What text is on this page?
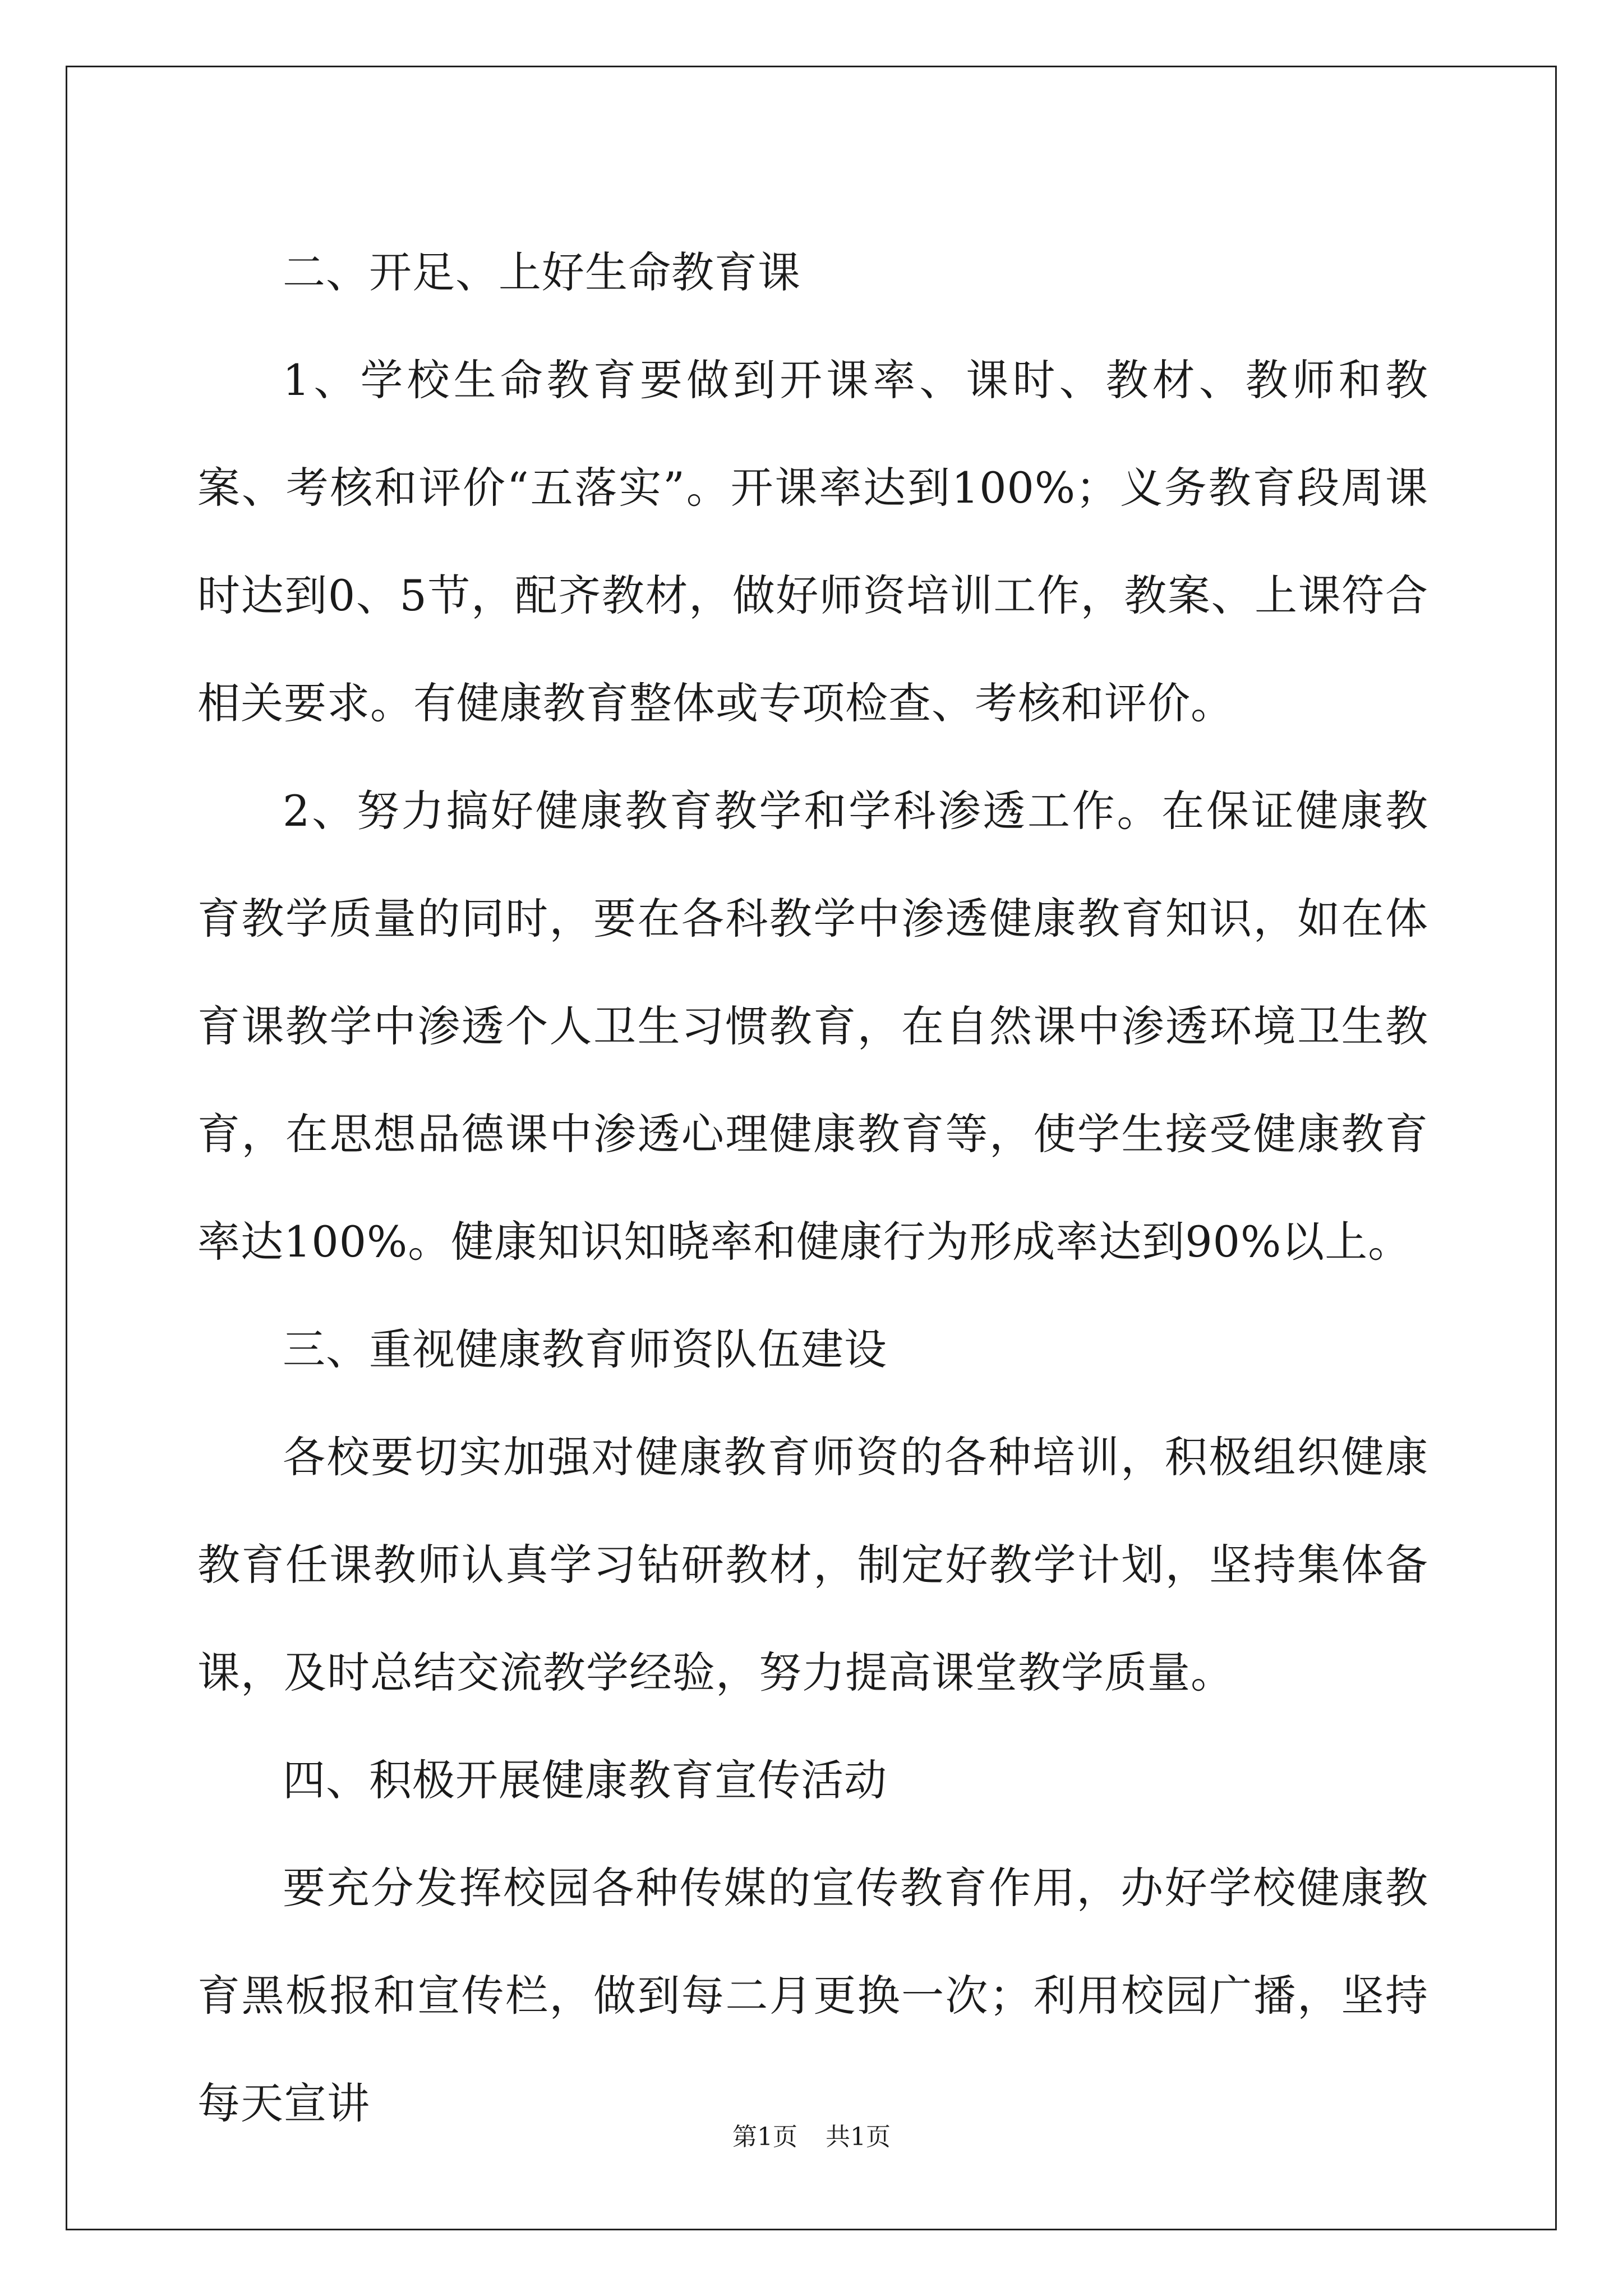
二、开足、上好生命教育课

1、学校生命教育要做到开课率、课时、教材、教师和教案、考核和评价“五落实”。开课率达到100%；义务教育段周课时达到0、5节，配齐教材，做好师资培训工作，教案、上课符合相关要求。有健康教育整体或专项检查、考核和评价。

2、努力搞好健康教育教学和学科渗透工作。在保证健康教育教学质量的同时，要在各科教学中渗透健康教育知识，如在体育课教学中渗透个人卫生习惯教育，在自然课中渗透环境卫生教育，在思想品德课中渗透心理健康教育等，使学生接受健康教育率达100%。健康知识知晓率和健康行为形成率达到90%以上。

三、重视健康教育师资队伍建设

各校要切实加强对健康教育师资的各种培训，积极组织健康教育任课教师认真学习钻研教材，制定好教学计划，坚持集体备课，及时总结交流教学经验，努力提高课堂教学质量。

四、积极开展健康教育宣传活动

要充分发挥校园各种传媒的宣传教育作用，办好学校健康教育黑板报和宣传栏，做到每二月更换一次；利用校园广播，坚持每天宣讲

第1页 共1页
